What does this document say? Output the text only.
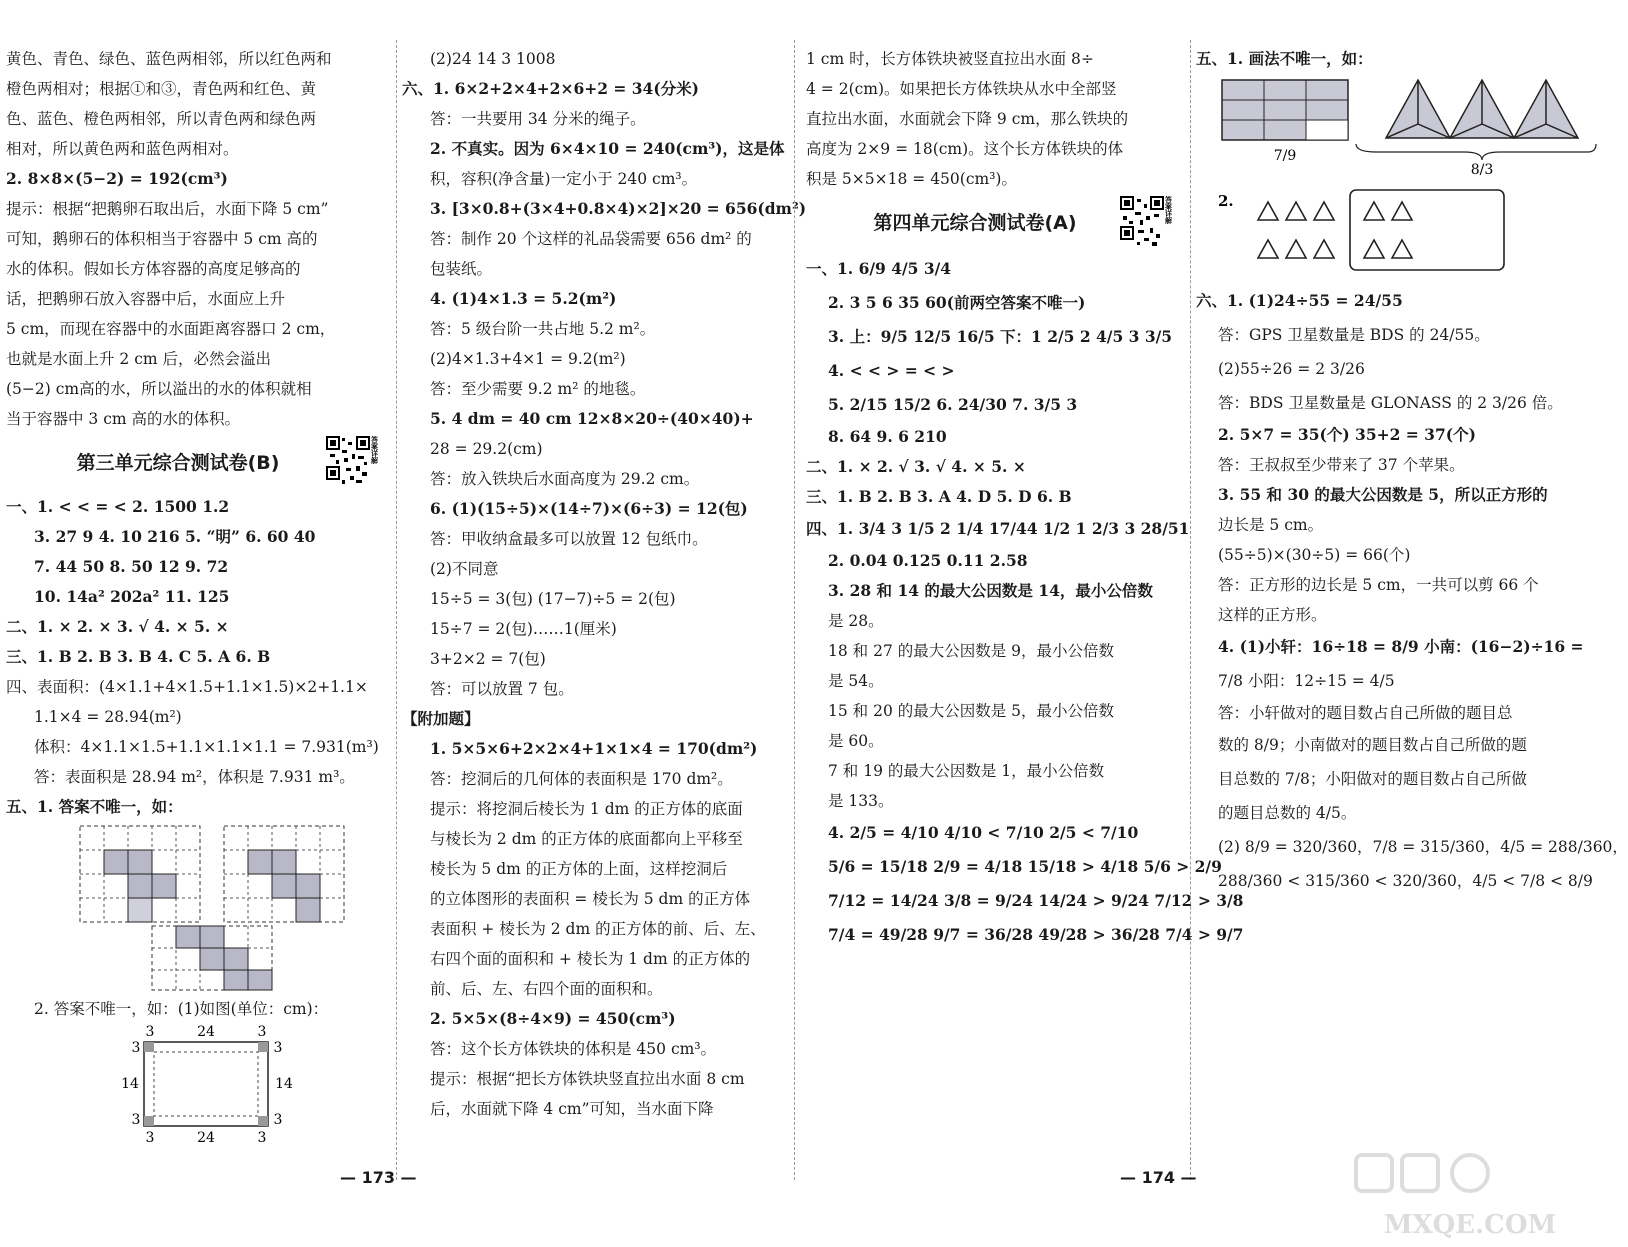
黄色、青色、绿色、蓝色两相邻，所以红色两和
橙色两相对；根据①和③，青色两和红色、黄
色、蓝色、橙色两相邻，所以青色两和绿色两
相对，所以黄色两和蓝色两相对。
2. 8×8×(5−2) = 192(cm³)
提示：根据“把鹅卵石取出后，水面下降 5 cm”
可知，鹅卵石的体积相当于容器中 5 cm 高的
水的体积。假如长方体容器的高度足够高的
话，把鹅卵石放入容器中后，水面应上升
5 cm，而现在容器中的水面距离容器口 2 cm，
也就是水面上升 2 cm 后，必然会溢出
(5−2) cm高的水，所以溢出的水的体积就相
当于容器中 3 cm 高的水的体积。
第三单元综合测试卷(B)	答案详解
一、1. < < = < 2. 1500 1.2
3. 27 9 4. 10 216 5. “明” 6. 60 40
7. 44 50 8. 50 12 9. 72
10. 14a² 202a² 11. 125
二、1. × 2. × 3. √ 4. × 5. ×
三、1. B 2. B 3. B 4. C 5. A 6. B
四、表面积：(4×1.1+4×1.5+1.1×1.5)×2+1.1×
1.1×4 = 28.94(m²)
体积：4×1.1×1.5+1.1×1.1×1.1 = 7.931(m³)
答：表面积是 28.94 m²，体积是 7.931 m³。
五、1. 答案不唯一，如：
2. 答案不唯一，如：(1)如图(单位：cm)：
3	24	3
3	3
14	14
3	3
3	24	3
(2)24 14 3 1008
六、1. 6×2+2×4+2×6+2 = 34(分米)
答：一共要用 34 分米的绳子。
2. 不真实。因为 6×4×10 = 240(cm³)，这是体
积，容积(净含量)一定小于 240 cm³。
3. [3×0.8+(3×4+0.8×4)×2]×20 = 656(dm²)
答：制作 20 个这样的礼品袋需要 656 dm² 的
包装纸。
4. (1)4×1.3 = 5.2(m²)
答：5 级台阶一共占地 5.2 m²。
(2)4×1.3+4×1 = 9.2(m²)
答：至少需要 9.2 m² 的地毯。
5. 4 dm = 40 cm 12×8×20÷(40×40)+
28 = 29.2(cm)
答：放入铁块后水面高度为 29.2 cm。
6. (1)(15÷5)×(14÷7)×(6÷3) = 12(包)
答：甲收纳盒最多可以放置 12 包纸巾。
(2)不同意
15÷5 = 3(包) (17−7)÷5 = 2(包)
15÷7 = 2(包)……1(厘米)
3+2×2 = 7(包)
答：可以放置 7 包。
【附加题】
1. 5×5×6+2×2×4+1×1×4 = 170(dm²)
答：挖洞后的几何体的表面积是 170 dm²。
提示：将挖洞后棱长为 1 dm 的正方体的底面
与棱长为 2 dm 的正方体的底面都向上平移至
棱长为 5 dm 的正方体的上面，这样挖洞后
的立体图形的表面积 = 棱长为 5 dm 的正方体
表面积 + 棱长为 2 dm 的正方体的前、后、左、
右四个面的面积和 + 棱长为 1 dm 的正方体的
前、后、左、右四个面的面积和。
2. 5×5×(8÷4×9) = 450(cm³)
答：这个长方体铁块的体积是 450 cm³。
提示：根据“把长方体铁块竖直拉出水面 8 cm
后，水面就下降 4 cm”可知，当水面下降
1 cm 时，长方体铁块被竖直拉出水面 8÷
4 = 2(cm)。如果把长方体铁块从水中全部竖
直拉出水面，水面就会下降 9 cm，那么铁块的
高度为 2×9 = 18(cm)。这个长方体铁块的体
积是 5×5×18 = 450(cm³)。
第四单元综合测试卷(A)	答案详解
一、1. 6/9 4/5 3/4
2. 3 5 6 35 60(前两空答案不唯一)
3. 上：9/5 12/5 16/5 下：1 2/5 2 4/5 3 3/5
4. < < > = < >
5. 2/15 15/2 6. 24/30 7. 3/5 3
8. 64 9. 6 210
二、1. × 2. √ 3. √ 4. × 5. ×
三、1. B 2. B 3. A 4. D 5. D 6. B
四、1. 3/4 3 1/5 2 1/4 17/44 1/2 1 2/3 3 28/51
2. 0.04 0.125 0.11 2.58
3. 28 和 14 的最大公因数是 14，最小公倍数
是 28。
18 和 27 的最大公因数是 9，最小公倍数
是 54。
15 和 20 的最大公因数是 5，最小公倍数
是 60。
7 和 19 的最大公因数是 1，最小公倍数
是 133。
4. 2/5 = 4/10 4/10 < 7/10 2/5 < 7/10
5/6 = 15/18 2/9 = 4/18 15/18 > 4/18 5/6 > 2/9
7/12 = 14/24 3/8 = 9/24 14/24 > 9/24 7/12 > 3/8
7/4 = 49/28 9/7 = 36/28 49/28 > 36/28 7/4 > 9/7
五、1. 画法不唯一，如：
7/9
8/3
2.
六、1. (1)24÷55 = 24/55
答：GPS 卫星数量是 BDS 的 24/55。
(2)55÷26 = 2 3/26
答：BDS 卫星数量是 GLONASS 的 2 3/26 倍。
2. 5×7 = 35(个) 35+2 = 37(个)
答：王叔叔至少带来了 37 个苹果。
3. 55 和 30 的最大公因数是 5，所以正方形的
边长是 5 cm。
(55÷5)×(30÷5) = 66(个)
答：正方形的边长是 5 cm，一共可以剪 66 个
这样的正方形。
4. (1)小轩：16÷18 = 8/9 小南：(16−2)÷16 =
7/8 小阳：12÷15 = 4/5
答：小轩做对的题目数占自己所做的题目总
数的 8/9；小南做对的题目数占自己所做的题
目总数的 7/8；小阳做对的题目数占自己所做
的题目总数的 4/5。
(2) 8/9 = 320/360，7/8 = 315/360，4/5 = 288/360，
288/360 < 315/360 < 320/360，4/5 < 7/8 < 8/9
— 173 —	— 174 —
MXQE.COM
